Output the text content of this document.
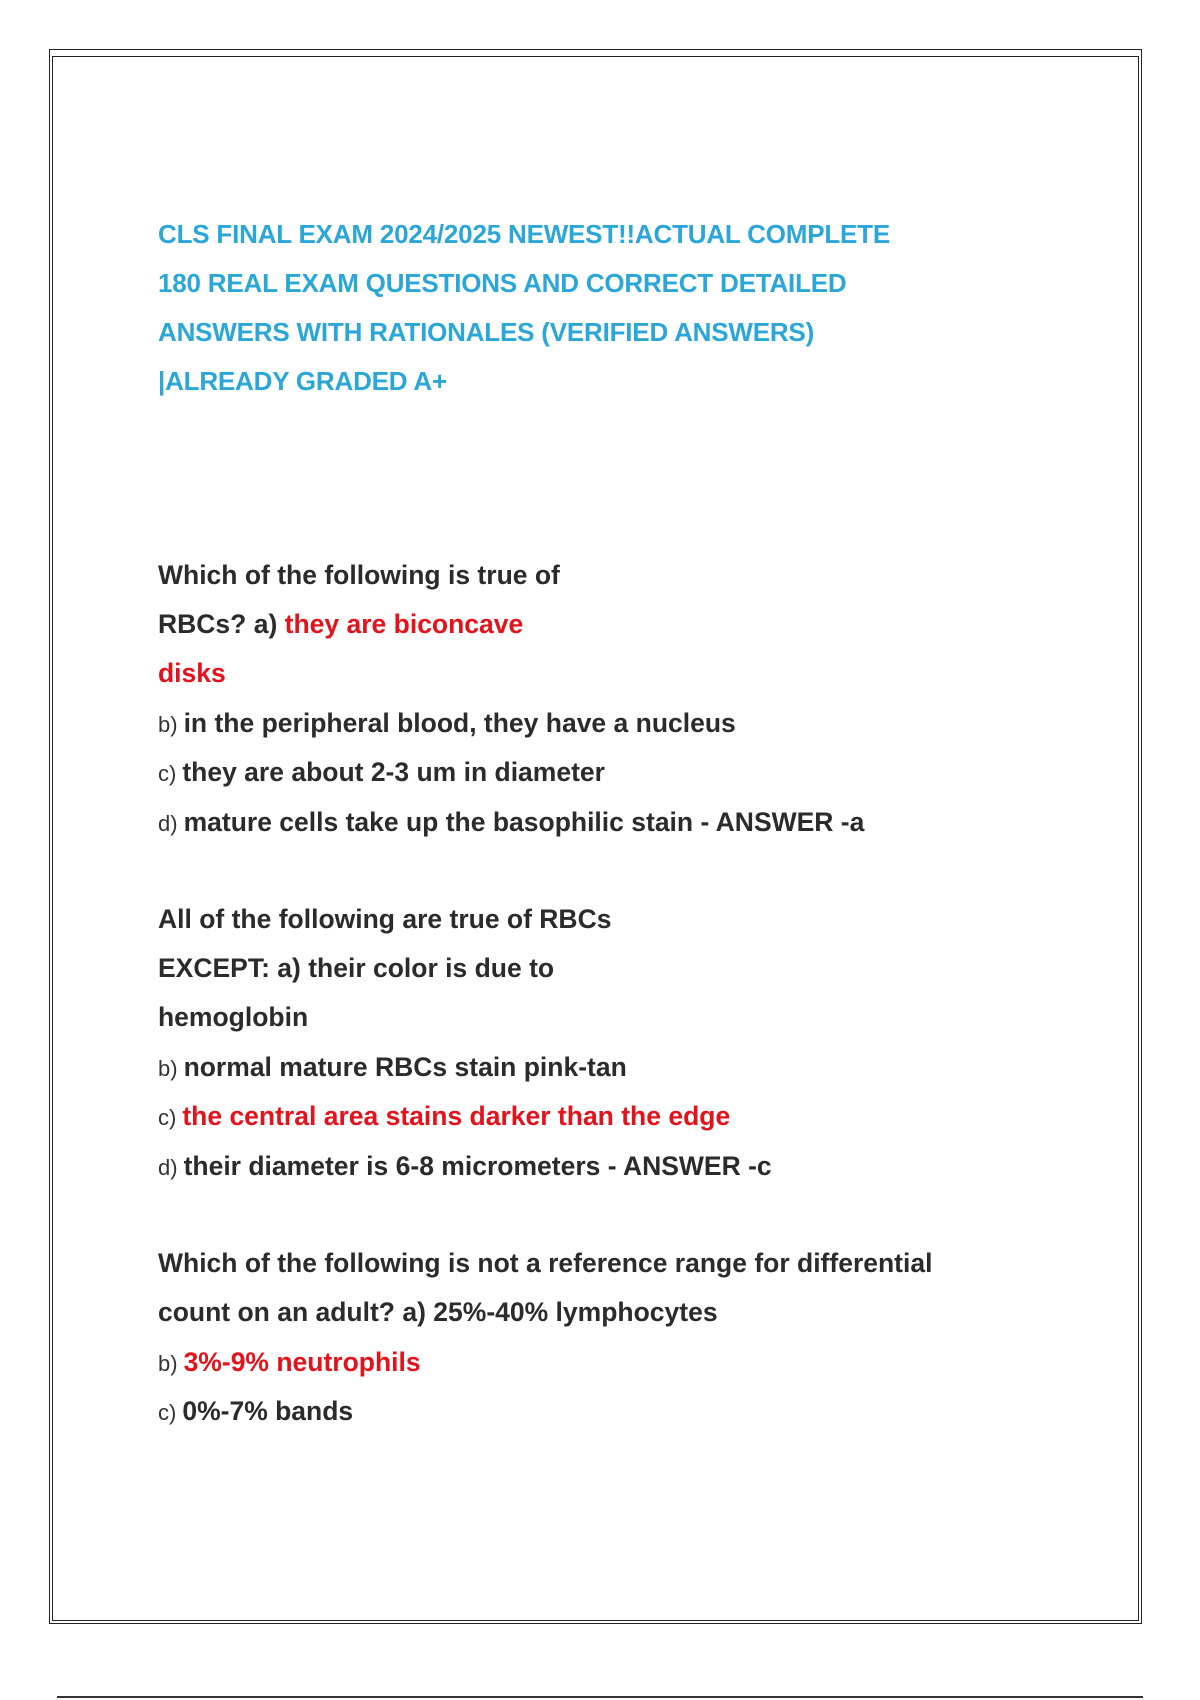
CLS FINAL EXAM 2024/2025 NEWEST!!ACTUAL COMPLETE
180 REAL EXAM QUESTIONS AND CORRECT DETAILED
ANSWERS WITH RATIONALES (VERIFIED ANSWERS)
|ALREADY GRADED A+
Which of the following is true of
RBCs? a) they are biconcave
disks
b) in the peripheral blood, they have a nucleus
c) they are about 2-3 um in diameter
d) mature cells take up the basophilic stain - ANSWER -a
All of the following are true of RBCs
EXCEPT: a) their color is due to
hemoglobin
b) normal mature RBCs stain pink-tan
c) the central area stains darker than the edge
d) their diameter is 6-8 micrometers - ANSWER -c
Which of the following is not a reference range for differential
count on an adult? a) 25%-40% lymphocytes
b) 3%-9% neutrophils
c) 0%-7% bands
